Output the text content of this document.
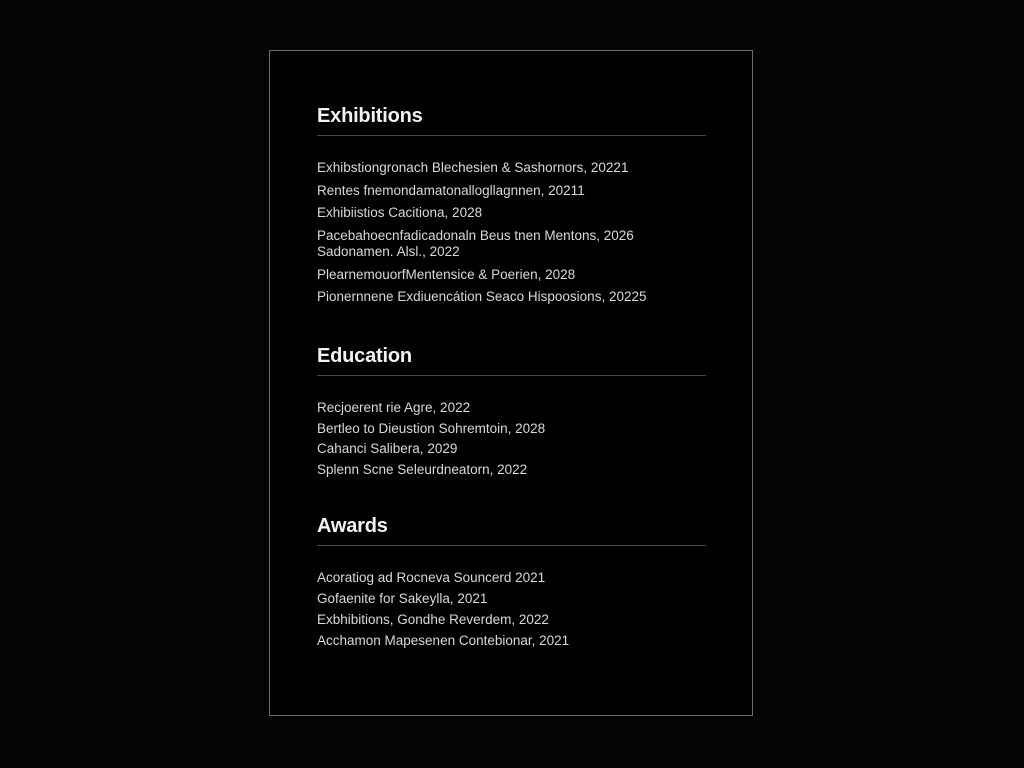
Exhibitions
Exhibstiongronach Blechesien & Sashornors, 20221
Rentes fnemondamatonallogllagnnen, 20211
Exhibiistios Cacitiona, 2028
Pacebahoecnfadicadonaln Beus tnen Mentons, 2026
Sadonamen. Alsl., 2022
PlearnemouorfMentensice & Poerien, 2028
Pionernnene Exdiuencátion Seaco Hispoosions, 20225
Education
Recjoerent rie Agre, 2022
Bertleo to Dieustion Sohremtoin, 2028
Cahanci Salibera, 2029
Splenn Scne Seleurdneatorn, 2022
Awards
Acoratiog ad Rocneva Souncerd 2021
Gofaenite for Sakeylla, 2021
Exbhibitions, Gondhe Reverdem, 2022
Acchamon Mapesenen Contebionar, 2021
